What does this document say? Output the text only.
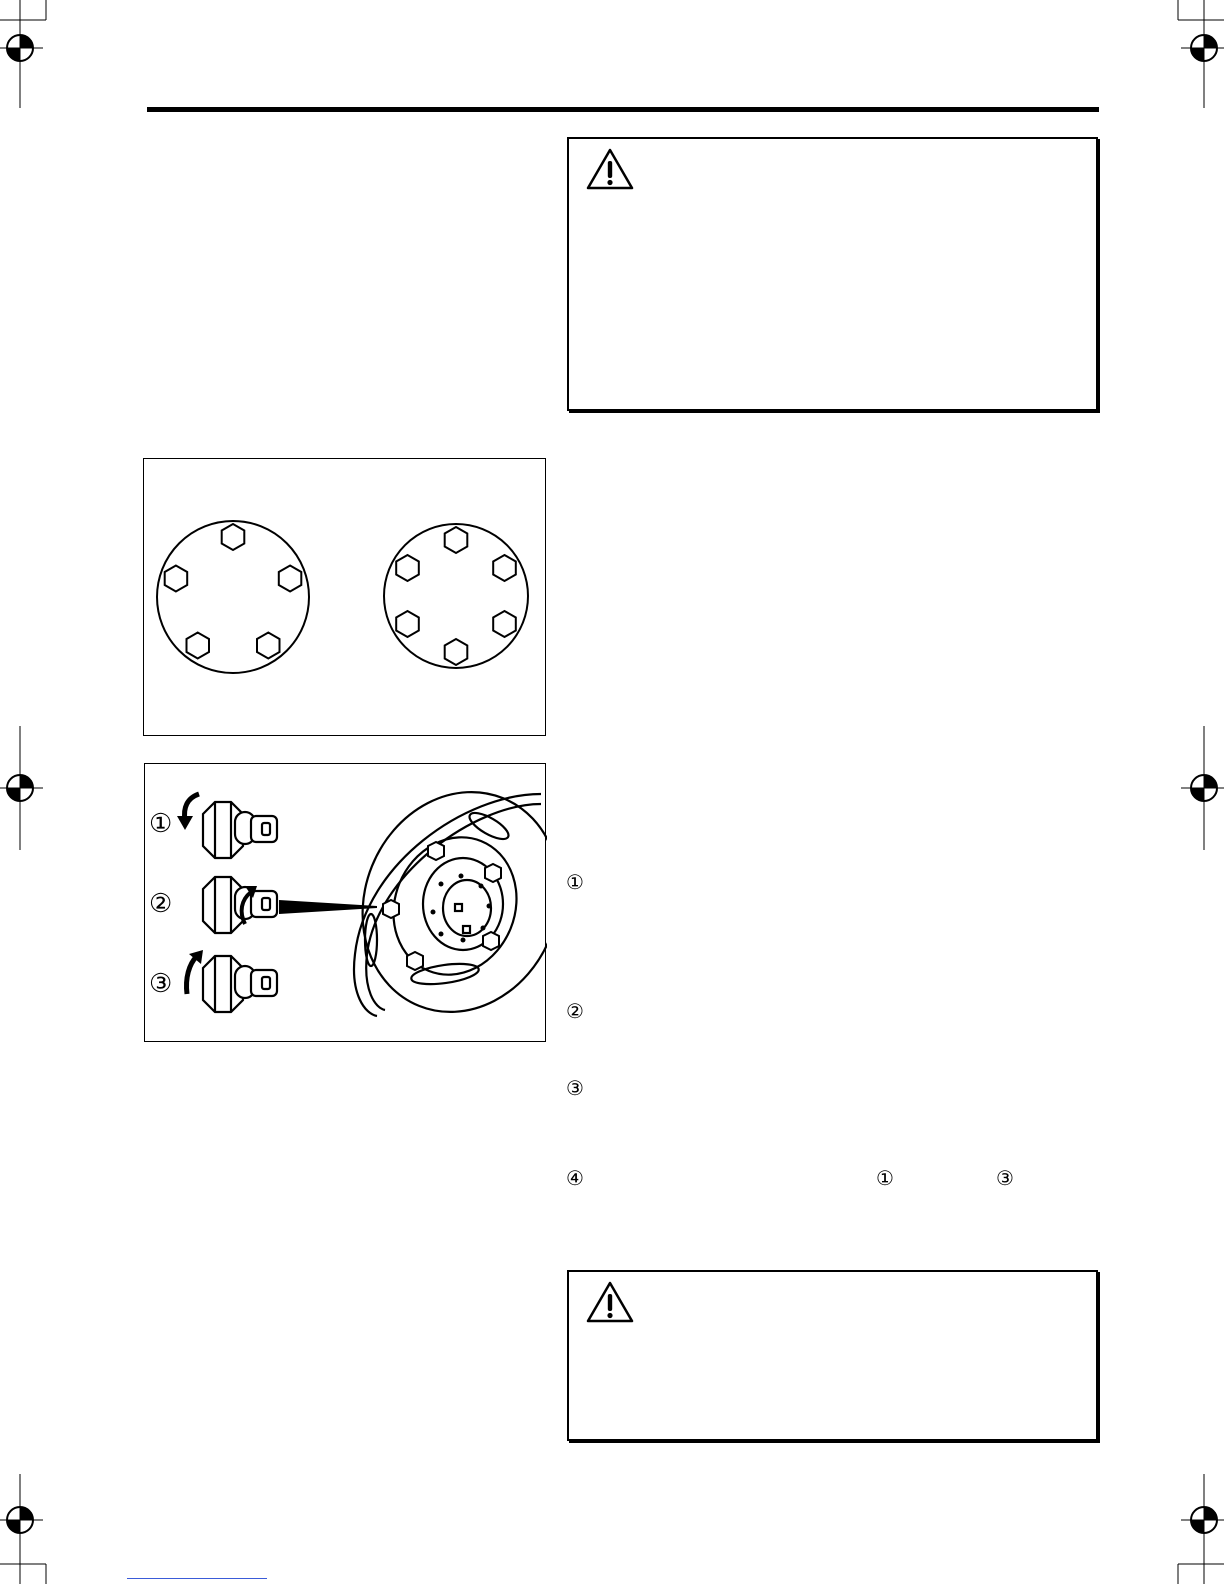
①
②
③
①
②
③
④	①	③
